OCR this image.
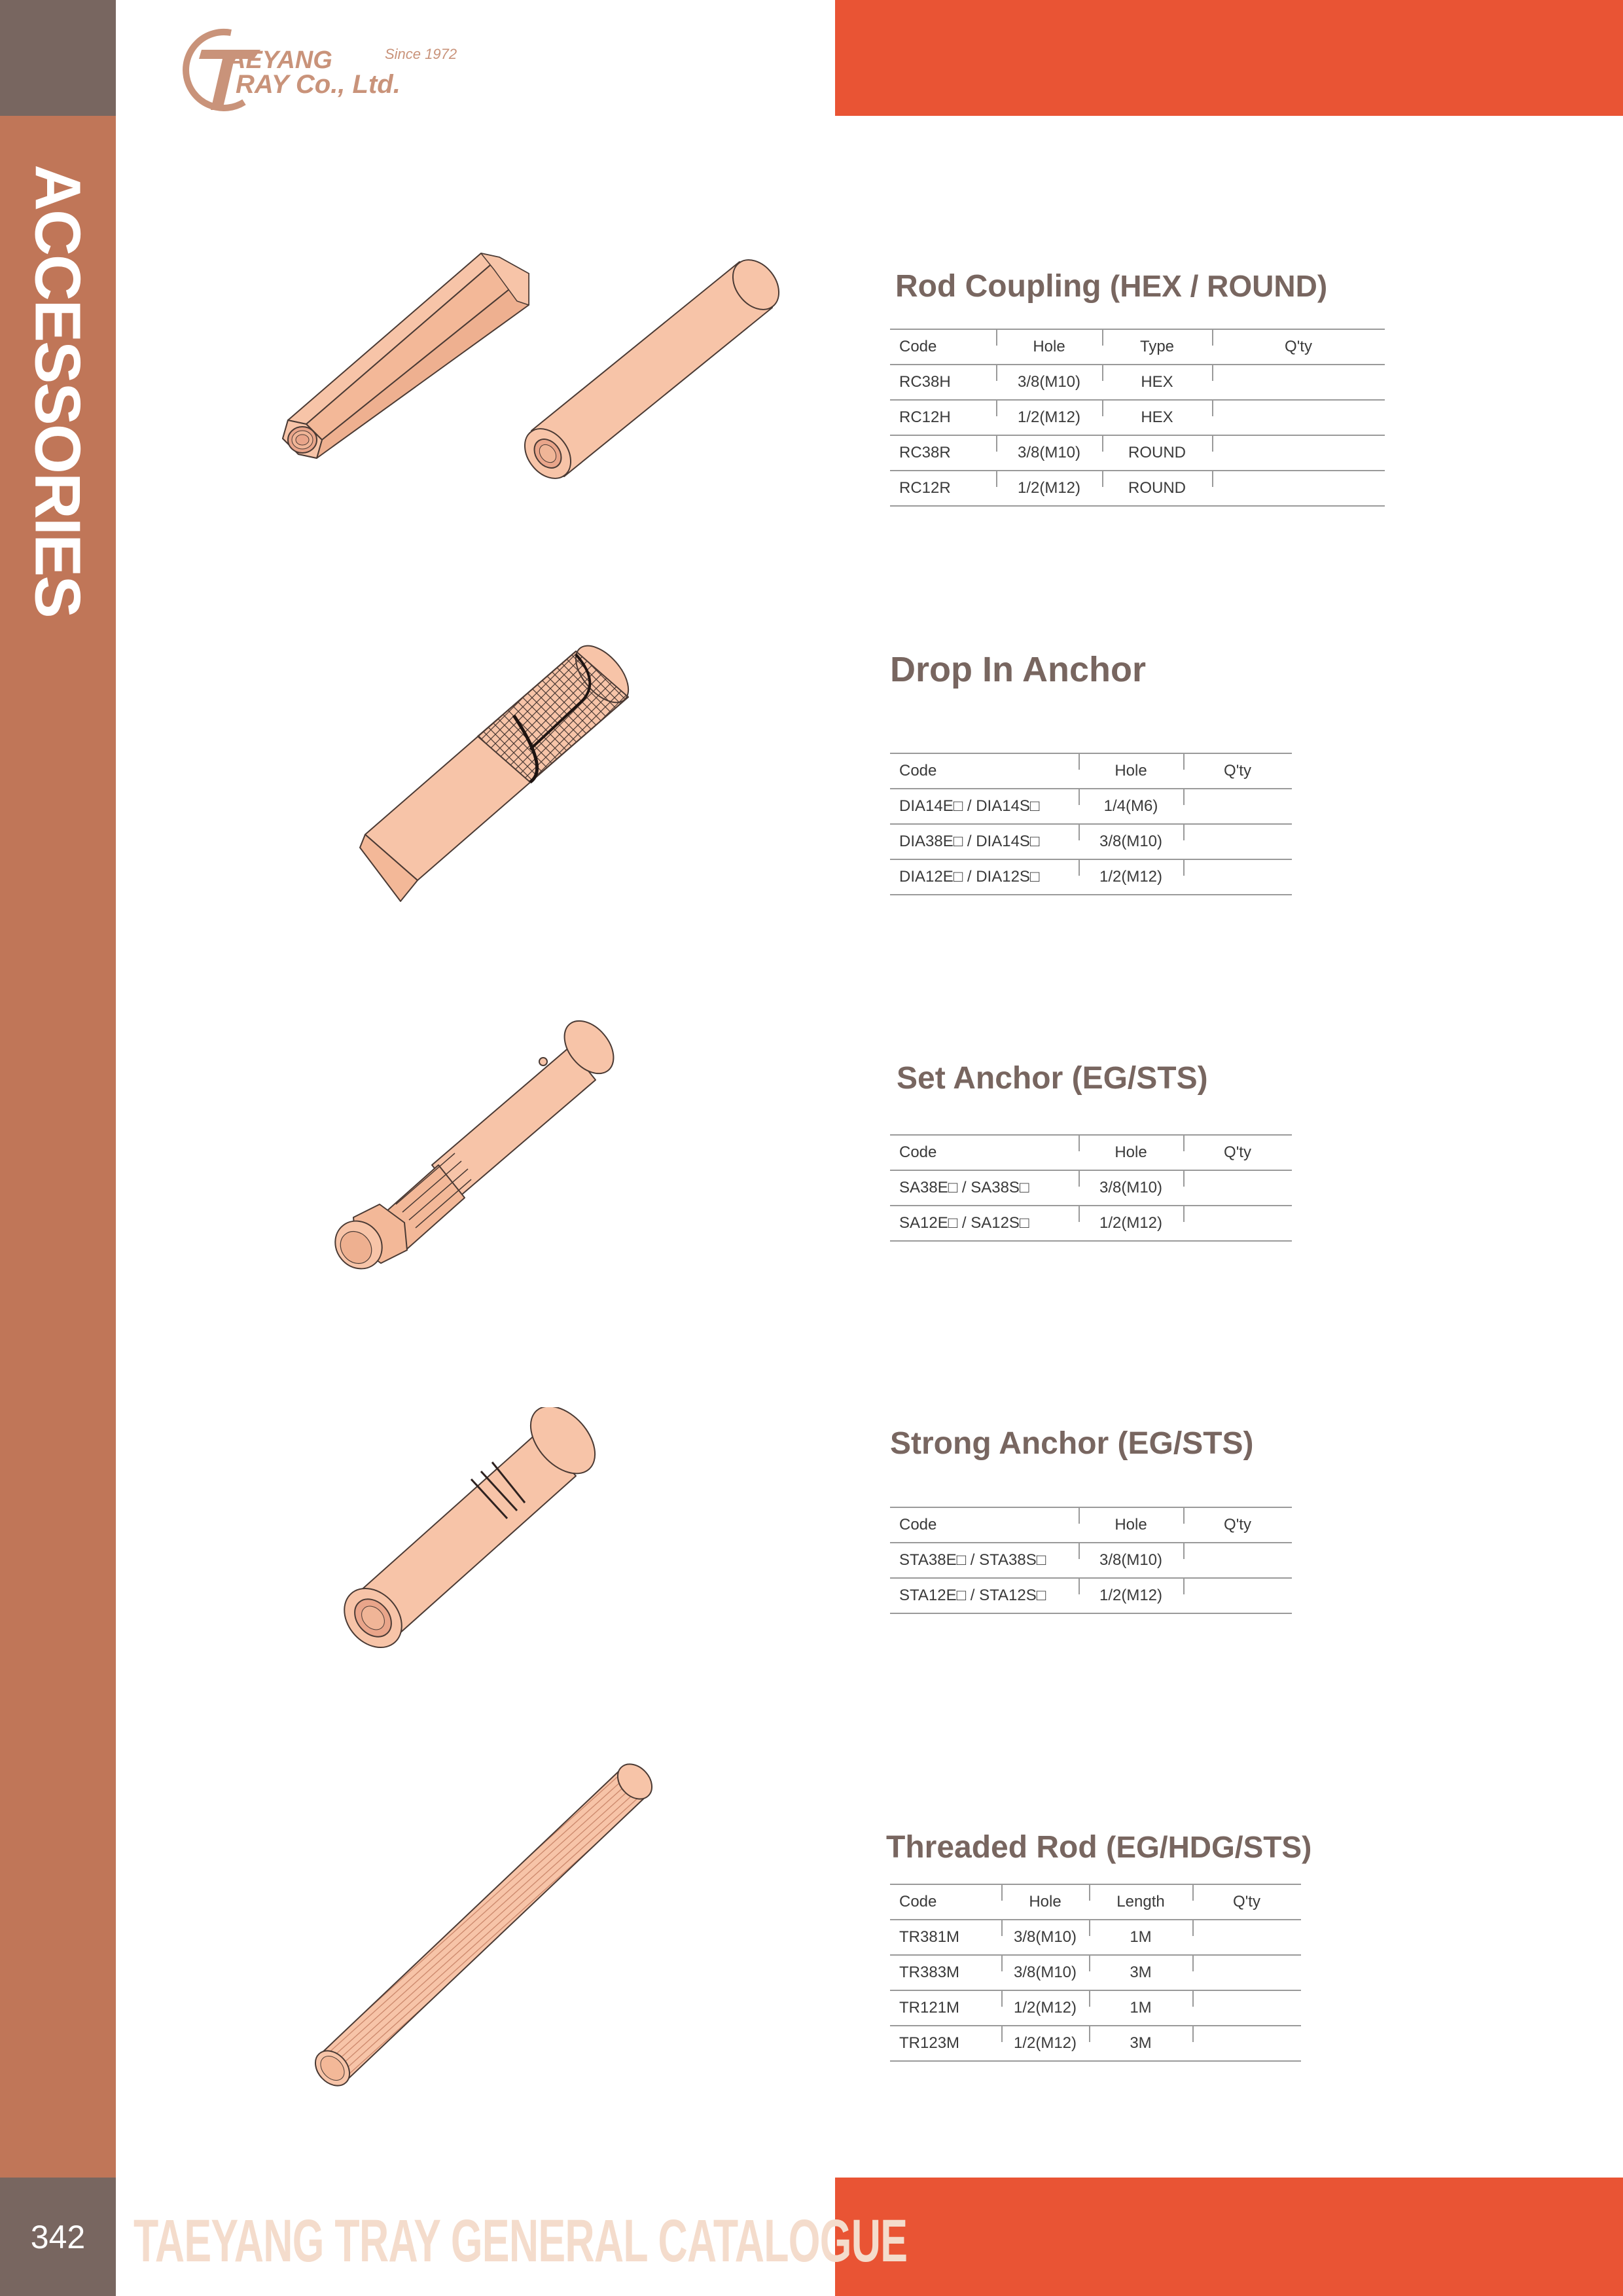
ACCESSORIES
342 TAEYANG TRAY GENERAL CATALOGUE
AEYANG
RAY Co., Ltd.
Since 1972
Rod Coupling (HEX / ROUND)
Code	Hole	Type	Q'ty
RC38H	3/8(M10)	HEX	
RC12H	1/2(M12)	HEX	
RC38R	3/8(M10)	ROUND	
RC12R	1/2(M12)	ROUND	
Drop In Anchor
Code	Hole	Q'ty
DIA14E□ / DIA14S□	1/4(M6)	
DIA38E□ / DIA14S□	3/8(M10)	
DIA12E□ / DIA12S□	1/2(M12)	
Set Anchor (EG/STS)
Code	Hole	Q'ty
SA38E□ / SA38S□	3/8(M10)	
SA12E□ / SA12S□	1/2(M12)	
Strong Anchor (EG/STS)
Code	Hole	Q'ty
STA38E□ / STA38S□	3/8(M10)	
STA12E□ / STA12S□	1/2(M12)	
Threaded Rod (EG/HDG/STS)
Code	Hole	Length	Q'ty
TR381M	3/8(M10)	1M	
TR383M	3/8(M10)	3M	
TR121M	1/2(M12)	1M	
TR123M	1/2(M12)	3M	
